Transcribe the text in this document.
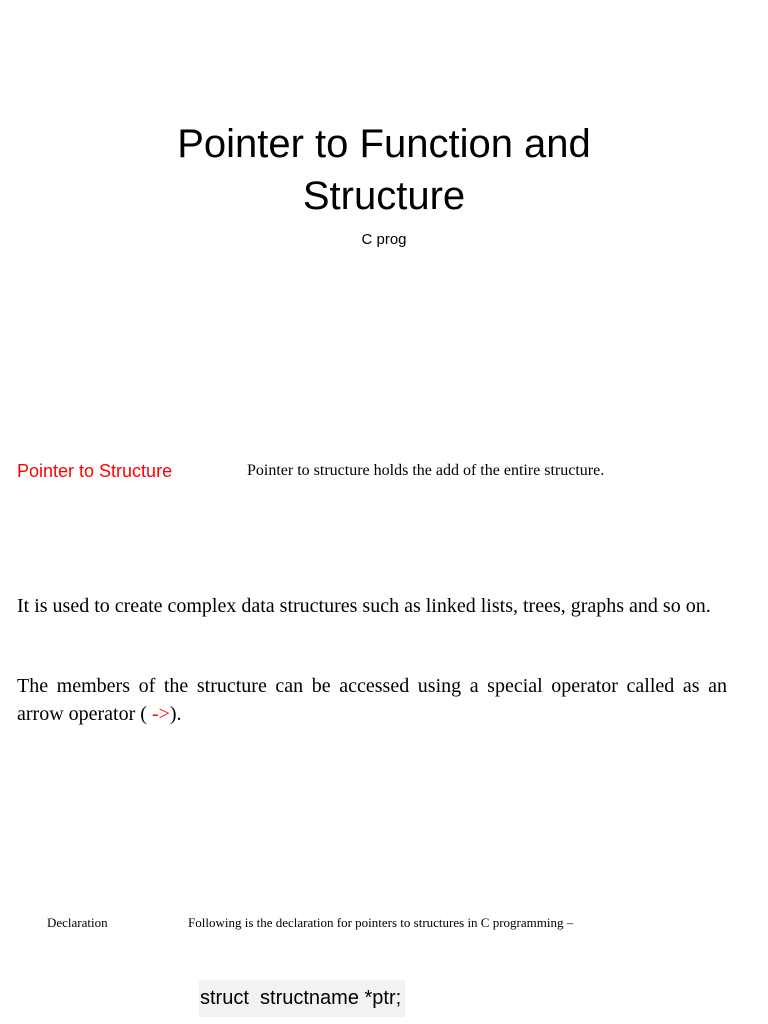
Pointer to Function and
Structure
C prog
Pointer to Structure	Pointer to structure holds the add of the entire structure.

It is used to create complex data structures such as linked lists, trees, graphs and so on.

The members of the structure can be accessed using a special operator called as an arrow operator ( ->).

Declaration	Following is the declaration for pointers to structures in C programming –
struct  structname *ptr;
